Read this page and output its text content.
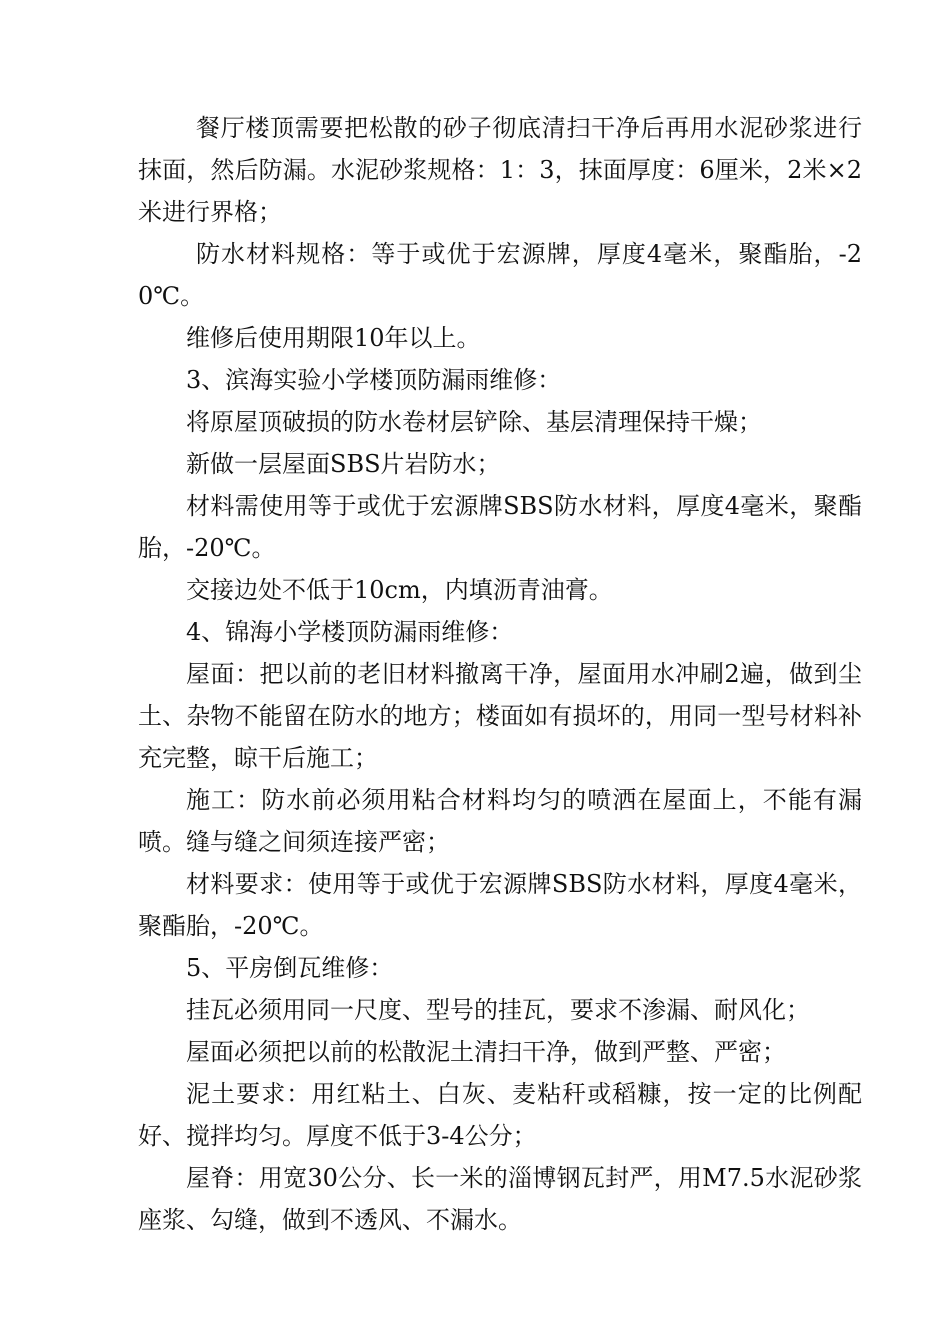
餐厅楼顶需要把松散的砂子彻底清扫干净后再用水泥砂浆进行抹面，然后防漏。水泥砂浆规格：1：3，抹面厚度：6厘米，2米×2米进行界格；

防水材料规格：等于或优于宏源牌，厚度4毫米，聚酯胎，-20℃。

维修后使用期限10年以上。

3、滨海实验小学楼顶防漏雨维修：

将原屋顶破损的防水卷材层铲除、基层清理保持干燥；

新做一层屋面SBS片岩防水；

材料需使用等于或优于宏源牌SBS防水材料，厚度4毫米，聚酯胎，-20℃。

交接边处不低于10cm，内填沥青油膏。

4、锦海小学楼顶防漏雨维修：

屋面：把以前的老旧材料撤离干净，屋面用水冲刷2遍，做到尘土、杂物不能留在防水的地方；楼面如有损坏的，用同一型号材料补充完整，晾干后施工；

施工：防水前必须用粘合材料均匀的喷洒在屋面上，不能有漏喷。缝与缝之间须连接严密；

材料要求：使用等于或优于宏源牌SBS防水材料，厚度4毫米，聚酯胎，-20℃。

5、平房倒瓦维修：

挂瓦必须用同一尺度、型号的挂瓦，要求不渗漏、耐风化；

屋面必须把以前的松散泥土清扫干净，做到严整、严密；

泥土要求：用红粘土、白灰、麦粘秆或稻糠，按一定的比例配好、搅拌均匀。厚度不低于3-4公分；

屋脊：用宽30公分、长一米的淄博钢瓦封严，用M7.5水泥砂浆座浆、勾缝，做到不透风、不漏水。
